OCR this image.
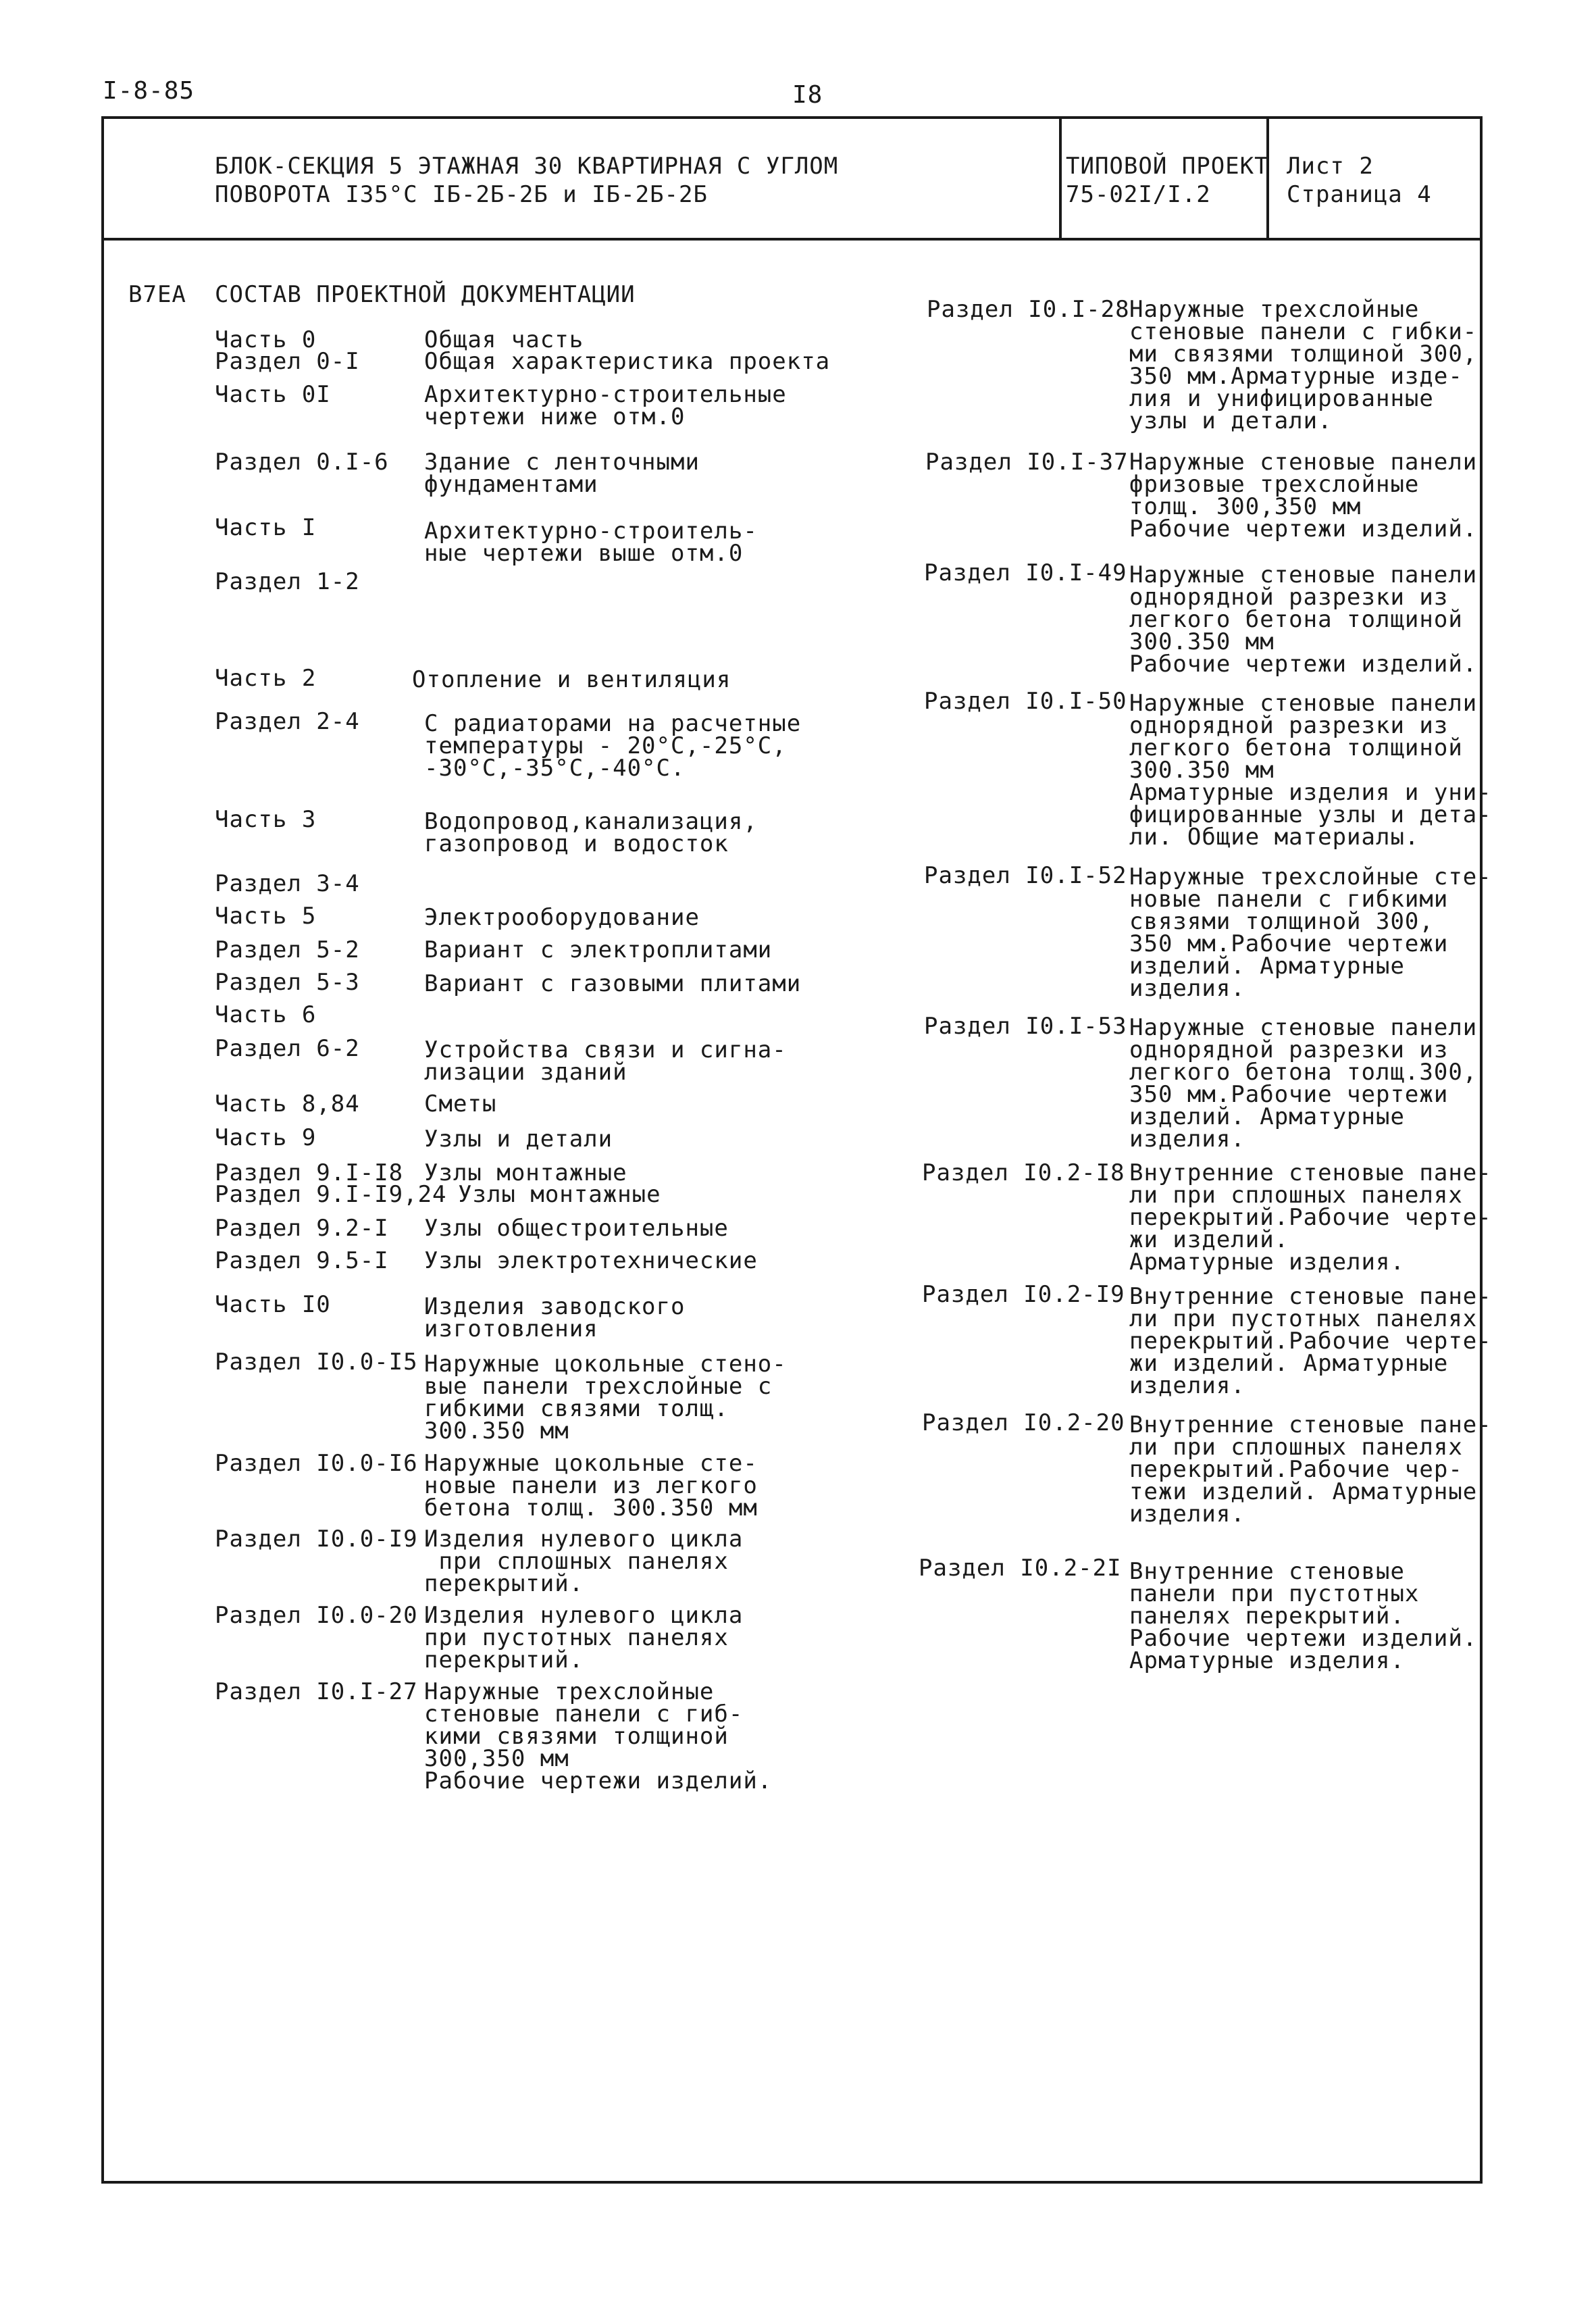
I-8-85	I8
БЛОК-СЕКЦИЯ 5 ЭТАЖНАЯ 30 КВАРТИРНАЯ С УГЛОМ
ПОВОРОТА I35°С IБ-2Б-2Б и IБ-2Б-2Б
ТИПОВОЙ ПРОЕКТ
75-02I/I.2
Лист 2
Страница 4
В7ЕА СОСТАВ ПРОЕКТНОЙ ДОКУМЕНТАЦИИ
Часть 0	Общая часть
Раздел 0-I	Общая характеристика проекта
Часть 0I	Архитектурно-строительные
чертежи ниже отм.0
Раздел 0.I-6 Здание с ленточными
фундаментами
Часть I	Архитектурно-строитель-
ные чертежи выше отм.0
Раздел 1-2
Часть 2	Отопление и вентиляция
Раздел 2-4	С радиаторами на расчетные
температуры - 20°С,-25°С,
-30°С,-35°С,-40°С.
Часть 3	Водопровод,канализация,
газопровод и водосток
Раздел 3-4
Часть 5	Электрооборудование
Раздел 5-2	Вариант с электроплитами
Раздел 5-3	Вариант с газовыми плитами
Часть 6
Раздел 6-2	Устройства связи и сигна-
лизации зданий
Часть 8,84	Сметы
Часть 9	Узлы и детали
Раздел 9.I-I8 Узлы монтажные
Раздел 9.I-I9,24 Узлы монтажные
Раздел 9.2-I Узлы общестроительные
Раздел 9.5-I Узлы электротехнические
Часть I0	Изделия заводского
изготовления
Раздел I0.0-I5 Наружные цокольные стено-
вые панели трехслойные с
гибкими связями толщ.
300.350 мм
Раздел I0.0-I6 Наружные цокольные сте-
новые панели из легкого
бетона толщ. 300.350 мм
Раздел I0.0-I9 Изделия нулевого цикла
при сплошных панелях
перекрытий.
Раздел I0.0-20 Изделия нулевого цикла
при пустотных панелях
перекрытий.
Раздел I0.I-27 Наружные трехслойные
стеновые панели с гиб-
кими связями толщиной
300,350 мм
Рабочие чертежи изделий.
Раздел I0.I-28 Наружные трехслойные
стеновые панели с гибки-
ми связями толщиной 300,
350 мм.Арматурные изде-
лия и унифицированные
узлы и детали.
Раздел I0.I-37 Наружные стеновые панели
фризовые трехслойные
толщ. 300,350 мм
Рабочие чертежи изделий.
Раздел I0.I-49 Наружные стеновые панели
однорядной разрезки из
легкого бетона толщиной
300.350 мм
Рабочие чертежи изделий.
Раздел I0.I-50 Наружные стеновые панели
однорядной разрезки из
легкого бетона толщиной
300.350 мм
Арматурные изделия и уни-
фицированные узлы и дета-
ли. Общие материалы.
Раздел I0.I-52 Наружные трехслойные сте-
новые панели с гибкими
связями толщиной 300,
350 мм.Рабочие чертежи
изделий. Арматурные
изделия.
Раздел I0.I-53 Наружные стеновые панели
однорядной разрезки из
легкого бетона толщ.300,
350 мм.Рабочие чертежи
изделий. Арматурные
изделия.
Раздел I0.2-I8 Внутренние стеновые пане-
ли при сплошных панелях
перекрытий.Рабочие черте-
жи изделий.
Арматурные изделия.
Раздел I0.2-I9 Внутренние стеновые пане-
ли при пустотных панелях
перекрытий.Рабочие черте-
жи изделий. Арматурные
изделия.
Раздел I0.2-20 Внутренние стеновые пане-
ли при сплошных панелях
перекрытий.Рабочие чер-
тежи изделий. Арматурные
изделия.
Раздел I0.2-2I Внутренние стеновые
панели при пустотных
панелях перекрытий.
Рабочие чертежи изделий.
Арматурные изделия.
